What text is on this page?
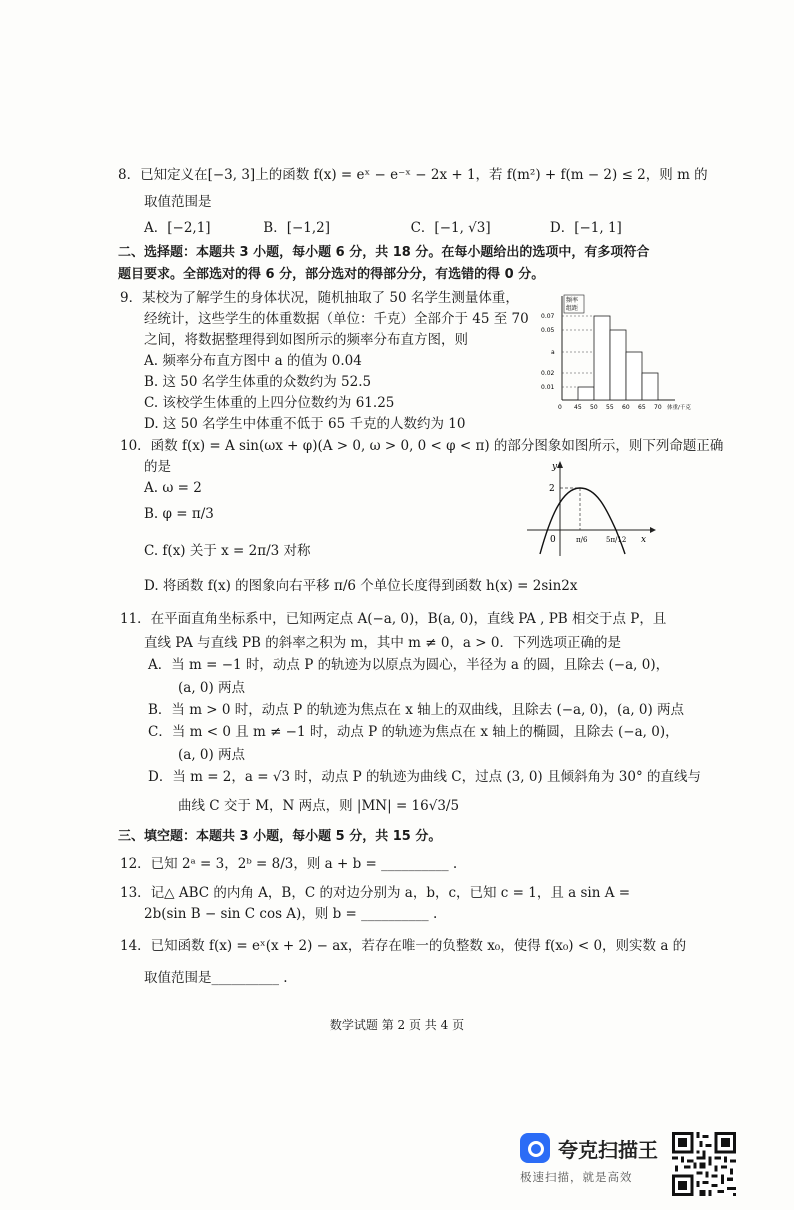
8．已知定义在[−3, 3]上的函数 f(x) = eˣ − e⁻ˣ − 2x + 1，若 f(m²) + f(m − 2) ≤ 2，则 m 的
取值范围是
A．[−2,1]	B．[−1,2]	C．[−1, √3]	D．[−1, 1]
二、选择题：本题共 3 小题，每小题 6 分，共 18 分。在每小题给出的选项中，有多项符合
题目要求。全部选对的得 6 分，部分选对的得部分分，有选错的得 0 分。
9．某校为了解学生的身体状况，随机抽取了 50 名学生测量体重，
经统计，这些学生的体重数据（单位：千克）全部介于 45 至 70
之间，将数据整理得到如图所示的频率分布直方图，则
A. 频率分布直方图中 a 的值为 0.04
B. 这 50 名学生体重的众数约为 52.5
C. 该校学生体重的上四分位数约为 61.25
D. 这 50 名学生中体重不低于 65 千克的人数约为 10
频率
组距
0.07
0.05
a
0.02
0.01
0 45 50 55 60 65 70 体重/千克
10．函数 f(x) = A sin(ωx + φ)(A > 0, ω > 0, 0 < φ < π) 的部分图象如图所示，则下列命题正确
的是
A. ω = 2
B. φ = π/3
C. f(x) 关于 x = 2π/3 对称
D. 将函数 f(x) 的图象向右平移 π/6 个单位长度得到函数 h(x) = 2sin2x
y
x
0
2
π/6	5π/12
11．在平面直角坐标系中，已知两定点 A(−a, 0)，B(a, 0)，直线 PA , PB 相交于点 P，且
直线 PA 与直线 PB 的斜率之积为 m，其中 m ≠ 0，a > 0．下列选项正确的是
A．当 m = −1 时，动点 P 的轨迹为以原点为圆心，半径为 a 的圆，且除去 (−a, 0)，
(a, 0) 两点
B．当 m > 0 时，动点 P 的轨迹为焦点在 x 轴上的双曲线，且除去 (−a, 0)，(a, 0) 两点
C．当 m < 0 且 m ≠ −1 时，动点 P 的轨迹为焦点在 x 轴上的椭圆，且除去 (−a, 0)，
(a, 0) 两点
D．当 m = 2，a = √3 时，动点 P 的轨迹为曲线 C，过点 (3, 0) 且倾斜角为 30° 的直线与
曲线 C 交于 M，N 两点，则 |MN| = 16√3/5
三、填空题：本题共 3 小题，每小题 5 分，共 15 分。
12．已知 2ᵃ = 3，2ᵇ = 8/3，则 a + b = __________ .
13．记△ ABC 的内角 A，B，C 的对边分别为 a，b，c，已知 c = 1，且 a sin A =
2b(sin B − sin C cos A)，则 b = __________ .
14．已知函数 f(x) = eˣ(x + 2) − ax，若存在唯一的负整数 x₀，使得 f(x₀) < 0，则实数 a 的
取值范围是__________ .
数学试题 第 2 页 共 4 页
夸克扫描王
极速扫描，就是高效
